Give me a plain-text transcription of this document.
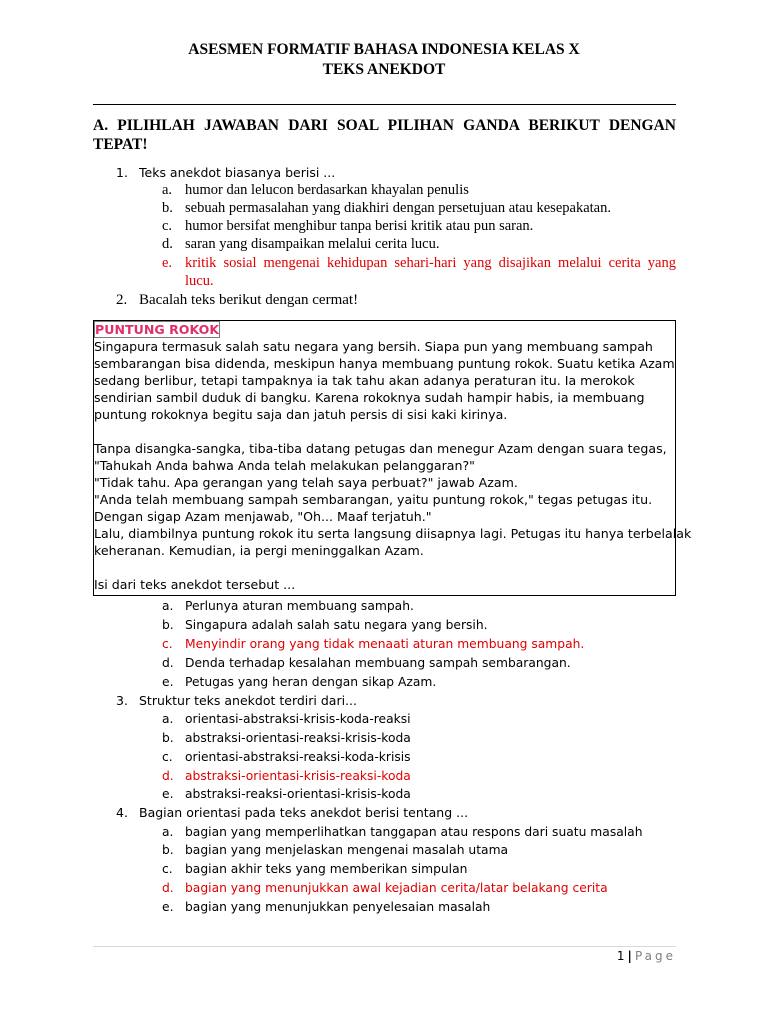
ASESMEN FORMATIF BAHASA INDONESIA KELAS X
TEKS ANEKDOT
A. PILIHLAH JAWABAN DARI SOAL PILIHAN GANDA BERIKUT DENGAN TEPAT!
1. Teks anekdot biasanya berisi ...
a. humor dan lelucon berdasarkan khayalan penulis
b. sebuah permasalahan yang diakhiri dengan persetujuan atau kesepakatan.
c. humor bersifat menghibur tanpa berisi kritik atau pun saran.
d. saran yang disampaikan melalui cerita lucu.
e. kritik sosial mengenai kehidupan sehari-hari yang disajikan melalui cerita yang lucu.
2. Bacalah teks berikut dengan cermat!
PUNTUNG ROKOK
Singapura termasuk salah satu negara yang bersih. Siapa pun yang membuang sampah
sembarangan bisa didenda, meskipun hanya membuang puntung rokok. Suatu ketika Azam
sedang berlibur, tetapi tampaknya ia tak tahu akan adanya peraturan itu. Ia merokok
sendirian sambil duduk di bangku. Karena rokoknya sudah hampir habis, ia membuang
puntung rokoknya begitu saja dan jatuh persis di sisi kaki kirinya.
Tanpa disangka-sangka, tiba-tiba datang petugas dan menegur Azam dengan suara tegas,
"Tahukah Anda bahwa Anda telah melakukan pelanggaran?"
"Tidak tahu. Apa gerangan yang telah saya perbuat?" jawab Azam.
"Anda telah membuang sampah sembarangan, yaitu puntung rokok," tegas petugas itu.
Dengan sigap Azam menjawab, "Oh... Maaf terjatuh."
Lalu, diambilnya puntung rokok itu serta langsung diisapnya lagi. Petugas itu hanya terbelalak
keheranan. Kemudian, ia pergi meninggalkan Azam.
Isi dari teks anekdot tersebut ...
a. Perlunya aturan membuang sampah.
b. Singapura adalah salah satu negara yang bersih.
c. Menyindir orang yang tidak menaati aturan membuang sampah.
d. Denda terhadap kesalahan membuang sampah sembarangan.
e. Petugas yang heran dengan sikap Azam.
3. Struktur teks anekdot terdiri dari...
a. orientasi-abstraksi-krisis-koda-reaksi
b. abstraksi-orientasi-reaksi-krisis-koda
c. orientasi-abstraksi-reaksi-koda-krisis
d. abstraksi-orientasi-krisis-reaksi-koda
e. abstraksi-reaksi-orientasi-krisis-koda
4. Bagian orientasi pada teks anekdot berisi tentang ...
a. bagian yang memperlihatkan tanggapan atau respons dari suatu masalah
b. bagian yang menjelaskan mengenai masalah utama
c. bagian akhir teks yang memberikan simpulan
d. bagian yang menunjukkan awal kejadian cerita/latar belakang cerita
e. bagian yang menunjukkan penyelesaian masalah
1 | Page
